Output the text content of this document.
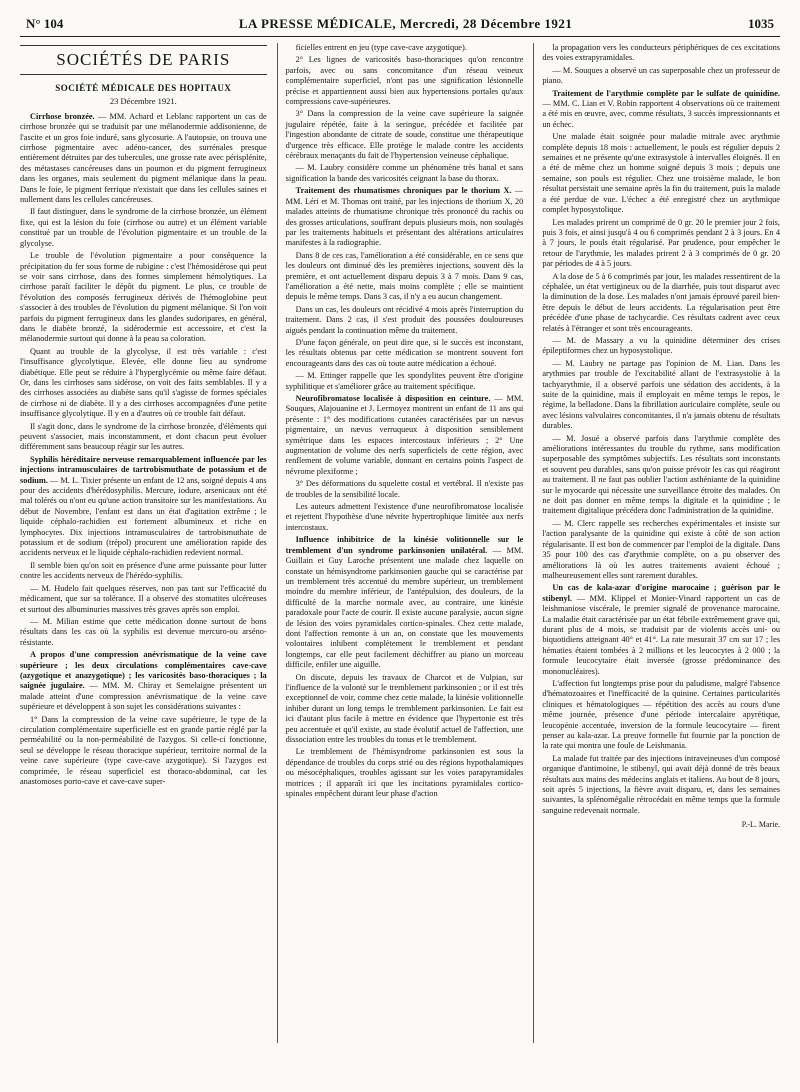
N° 104	LA PRESSE MÉDICALE, Mercredi, 28 Décembre 1921	1035
SOCIÉTÉS DE PARIS
SOCIÉTÉ MÉDICALE DES HOPITAUX
23 Décembre 1921.

Cirrhose bronzée. — MM. Achard et Leblanc rapportent un cas de cirrhose bronzée qui se traduisit par une mélanodermie addisonienne, de l'ascite et un gros foie induré, sans glycosurie. A l'autopsie, on trouva une cirrhose pigmentaire avec adéno-cancer, des surrénales presque entièrement détruites par des tubercules, une grosse rate avec périsplénite, des métastases cancéreuses dans un poumon et du pigment ferrugineux dans les organes, mais seulement du pigment mélanique dans la peau. Dans le foie, le pigment ferrique n'existait que dans les cellules saines et nullement dans les cellules cancéreuses.

Il faut distinguer, dans le syndrome de la cirrhose bronzée, un élément fixe, qui est la lésion du foie (cirrhose ou autre) et un élément variable constitué par un trouble de l'évolution pigmentaire et un trouble de la glycolyse.

Le trouble de l'évolution pigmentaire a pour conséquence la précipitation du fer sous forme de rubigine : c'est l'hémosidérose qui peut se voir sans cirrhose, dans des formes simplement hémolytiques. La cirrhose paraît faciliter le dépôt du pigment. Le plus, ce trouble de l'évolution des composés ferrugineux dérivés de l'hémoglobine peut s'associer à des troubles de l'évolution du pigment mélanique. Si l'on voit parfois du pigment ferrugineux dans les glandes sudoripares, en général, dans le diabète bronzé, la sidérodermie est accessoire, et c'est la mélanodermie surtout qui donne à la peau sa coloration.

Quant au trouble de la glycolyse, il est très variable : c'est l'insuffisance glycolytique. Elevée, elle donne lieu au syndrome diabétique. Elle peut se réduire à l'hyperglycémie ou même faire défaut. Or, dans les cirrhoses sans sidérose, on voit des faits semblables. Il y a des cirrhoses associées au diabète sans qu'il s'agisse de formes spéciales de cirrhose ni de diabète. Il y a des cirrhoses accompagnées d'une petite insuffisance glycolytique. Il y en a d'autres où ce trouble fait défaut.

Il s'agit donc, dans le syndrome de la cirrhose bronzée, d'éléments qui peuvent s'associer, mais inconstamment, et dont chacun peut évoluer différemment sans beaucoup réagir sur les autres.

Syphilis héréditaire nerveuse remarquablement influencée par les injections intramusculaires de tartrobismuthate de potassium et de sodium. — M. L. Tixier présente un enfant de 12 ans, soigné depuis 4 ans pour des accidents d'hérédosyphilis. Mercure, iodure, arsenicaux ont été mal tolérés ou n'ont eu qu'une action transitoire sur les manifestations. Au début de Novembre, l'enfant est dans un état d'agitation extrême ; le liquide céphalo-rachidien est fortement albumineux et riche en lymphocytes. Dix injections intramusculaires de tartrobismuthate de potassium et de sodium (trépol) procurent une amélioration rapide des accidents nerveux et le liquide céphalo-rachidien redevient normal.

Il semble bien qu'on soit en présence d'une arme puissante pour lutter contre les accidents nerveux de l'hérédo-syphilis.

— M. Hudelo fait quelques réserves, non pas tant sur l'efficacité du médicament, que sur sa tolérance. Il a observé des stomatites ulcéreuses et surtout des albuminuries massives très graves après son emploi.

— M. Milian estime que cette médication donne surtout de bons résultats dans les cas où la syphilis est devenue mercuro-ou arséno-résistante.

A propos d'une compression anévrismatique de la veine cave supérieure ; les deux circulations complémentaires cave-cave (azygotique et anazygotique) ; les varicosités baso-thoraciques ; la saignée jugulaire. — MM. M. Chiray et Semelaigne présentent un malade atteint d'une compression anévrismatique de la veine cave supérieure et développent à son sujet les considérations suivantes :

1° Dans la compression de la veine cave supérieure, le type de la circulation complémentaire superficielle est en grande partie réglé par la perméabilité ou la non-perméabilité de l'azygos. Si celle-ci fonctionne, seul se développe le réseau thoracique supérieur, territoire normal de la veine cave supérieure (type cave-cave azygotique). Si l'azygos est comprimée, le réseau superficiel est thoraco-abdominal, car les anastomoses porto-cave et cave-cave super-

ficielles entrent en jeu (type cave-cave azygotique).

2° Les lignes de varicosités baso-thoraciques qu'on rencontre parfois, avec ou sans concomitance d'un réseau veineux complémentaire superficiel, n'ont pas une signification lésionnelle précise et appartiennent aussi bien aux hypertensions portales qu'aux compressions cave-supérieures.

3° Dans la compression de la veine cave supérieure la saignée jugulaire répétée, faite à la seringue, précédée et facilitée par l'ingestion abondante de citrate de soude, constitue une thérapeutique d'urgence très efficace. Elle protège le malade contre les accidents cérébraux menaçants du fait de l'hypertension veineuse céphalique.

— M. Laubry considère comme un phénomène très banal et sans signification la bande des varicosités ceignant la base du thorax.

Traitement des rhumatismes chroniques par le thorium X. — MM. Léri et M. Thomas ont traité, par les injections de thorium X, 20 malades atteints de rhumatisme chronique très prononcé du rachis ou des grosses articulations, souffrant depuis plusieurs mois, non soulagés par les traitements habituels et présentant des altérations articulaires manifestes à la radiographie.

Dans 8 de ces cas, l'amélioration a été considérable, en ce sens que les douleurs ont diminué dès les premières injections, souvent dès la première, et ont actuellement disparu depuis 3 à 7 mois. Dans 9 cas, l'amélioration a été nette, mais moins complète ; elle se maintient depuis le même temps. Dans 3 cas, il n'y a eu aucun changement.

Dans un cas, les douleurs ont récidivé 4 mois après l'interruption du traitement. Dans 2 cas, il s'est produit des poussées douloureuses aiguës pendant la continuation même du traitement.

D'une façon générale, on peut dire que, si le succès est inconstant, les résultats obtenus par cette médication se montrent souvent fort encourageants dans des cas où toute autre médication a échoué.

— M. Ettinger rappelle que les spondylites peuvent être d'origine syphilitique et s'améliorer grâce au traitement spécifique.

Neurofibromatose localisée à disposition en ceinture. — MM. Souques, Alajouanine et J. Lermoyez montrent un enfant de 11 ans qui présente : 1° des modifications cutanées caractérisées par un nævus pigmentaire, un nævus verruqueux à disposition sensiblement symétrique dans les espaces intercostaux inférieurs ; 2° Une augmentation de volume des nerfs superficiels de cette région, avec renflement de volume variable, donnant en certains points l'aspect de névrome plexiforme ;

3° Des déformations du squelette costal et vertébral. Il n'existe pas de troubles de la sensibilité locale.

Les auteurs admettent l'existence d'une neurofibromatose localisée et rejettent l'hypothèse d'une névrite hypertrophique limitée aux nerfs intercostaux.

Influence inhibitrice de la kinésie volitionnelle sur le tremblement d'un syndrome parkinsonien unilatéral. — MM. Guillain et Guy Laroche présentent une malade chez laquelle on constate un hémisyndrome parkinsonien gauche qui se caractérise par un tremblement très accentué du membre supérieur, un tremblement moindre du membre inférieur, de l'antépulsion, des douleurs, de la difficulté de la marche normale avec, au contraire, une kinésie paradoxale pour l'acte de courir. Il existe aucune paralysie, aucun signe de lésion des voies pyramidales cortico-spinales. Chez cette malade, dont l'affection remonte à un an, on constate que les mouvements volontaires inhibent complètement le tremblement et pendant longtemps, car elle peut facilement déchiffrer au piano un morceau difficile, enfiler une aiguille.

On discute, depuis les travaux de Charcot et de Vulpian, sur l'influence de la volonté sur le tremblement parkinsonien ; or il est très exceptionnel de voir, comme chez cette malade, la kinésie volitionnelle inhiber durant un long temps le tremblement parkinsonien. Le fait est ici d'autant plus facile à mettre en évidence que l'hypertonie est très peu accentuée et qu'il existe, au stade évolutif actuel de l'affection, une dissociation entre les troubles du tonus et le tremblement.

Le tremblement de l'hémisyndrome parkinsonien est sous la dépendance de troubles du corps strié ou des régions hypothalamiques ou mésocéphaliques, troubles agissant sur les voies parapyramidales motrices ; il apparaît ici que les incitations pyramidales cortico-spinales empêchent durant leur phase d'action

la propagation vers les conducteurs périphériques de ces excitations des voies extrapyramidales.

— M. Souques a observé un cas superposable chez un professeur de piano.

Traitement de l'arythmie complète par le sulfate de quinidine. — MM. C. Lian et V. Robin rapportent 4 observations où ce traitement a été mis en œuvre, avec, comme résultats, 3 succès impressionnants et un échec.

Une malade était soignée pour maladie mitrale avec arythmie complète depuis 18 mois : actuellement, le pouls est régulier depuis 2 semaines et ne présente qu'une extrasystole à intervalles éloignés. Il en a été de même chez un homme soigné depuis 3 mois ; depuis une semaine, son pouls est régulier. Chez une troisième malade, le bon résultat persistait une semaine après la fin du traitement, puis la malade a été perdue de vue. L'échec a été enregistré chez un arythmique complet hyposystolique.

Les malades prirent un comprimé de 0 gr. 20 le premier jour 2 fois, puis 3 fois, et ainsi jusqu'à 4 ou 6 comprimés pendant 2 à 3 jours. En 4 à 7 jours, le pouls était régularisé. Par prudence, pour empêcher le retour de l'arythmie, les malades prirent 2 à 3 comprimés de 0 gr. 20 par périodes de 4 à 5 jours.

A la dose de 5 à 6 comprimés par jour, les malades ressentirent de la céphalée, un état vertigineux ou de la diarrhée, puis tout disparut avec la diminution de la dose. Les malades n'ont jamais éprouvé pareil bien-être depuis le début de leurs accidents. La régularisation peut être précédée d'une phase de tachycardie. Ces résultats cadrent avec ceux relatés à l'étranger et sont très encourageants.

— M. de Massary a vu la quinidine déterminer des crises épileptiformes chez un hyposystolique.

— M. Laubry ne partage pas l'opinion de M. Lian. Dans les arythmies par trouble de l'excitabilité allant de l'extrasystolie à la tachyarythmie, il a observé parfois une sédation des accidents, à la suite de la quinidine, mais il employait en même temps le repos, le régime, la belladone. Dans la fibrillation auriculaire complète, seule ou avec lésions valvulaires concomitantes, il n'a jamais obtenu de résultats durables.

— M. Josué a observé parfois dans l'arythmie complète des améliorations intéressantes du trouble du rythme, sans modification superposable des symptômes subjectifs. Les résultats sont inconstants et souvent peu durables, sans qu'on puisse prévoir les cas qui réagiront au traitement. Il ne faut pas oublier l'action asthéniante de la quinidine sur le myocarde qui nécessite une surveillance étroite des malades. On ne doit pas donner en même temps la digitale et la quinidine ; le traitement digitalique précédera donc l'administration de la quinidine.

— M. Clerc rappelle ses recherches expérimentales et insiste sur l'action paralysante de la quinidine qui existe à côté de son action régularisante. Il est bon de commencer par l'emploi de la digitale. Dans 35 pour 100 des cas d'arythmie complète, on a pu observer des améliorations là où les autres traitements avaient échoué ; malheureusement elles sont rarement durables.

Un cas de kala-azar d'origine marocaine ; guérison par le stibenyl. — MM. Klippel et Monier-Vinard rapportent un cas de leishmaniose viscérale, le premier signalé de provenance marocaine. La maladie était caractérisée par un état fébrile extrêmement grave qui, durant plus de 4 mois, se traduisit par de violents accès uni- ou biquotidiens atteignant 40° et 41°. La rate mesurait 37 cm sur 17 ; les hématies étaient tombées à 2 millions et les leucocytes à 2 000 ; la formule leucocytaire était inversée (grosse prédominance des mononucléaires).

L'affection fut longtemps prise pour du paludisme, malgré l'absence d'hématozoaires et l'inefficacité de la quinine. Certaines particularités cliniques et hématologiques — répétition des accès au cours d'une même journée, présence d'une période intercalaire apyrétique, leucopénie accentuée, inversion de la formule leucocytaire — firent penser au kala-azar. La preuve formelle fut fournie par la ponction de la rate qui montra une foule de Leishmania.

La malade fut traitée par des injections intraveineuses d'un composé organique d'antimoine, le stibenyl, qui avait déjà donné de très beaux résultats aux mains des médecins anglais et italiens. Au bout de 8 jours, soit après 5 injections, la fièvre avait disparu, et, dans les semaines suivantes, la splénomégalie rétrocédait en même temps que la formule sanguine redevenait normale.

P.-L. Marie.
